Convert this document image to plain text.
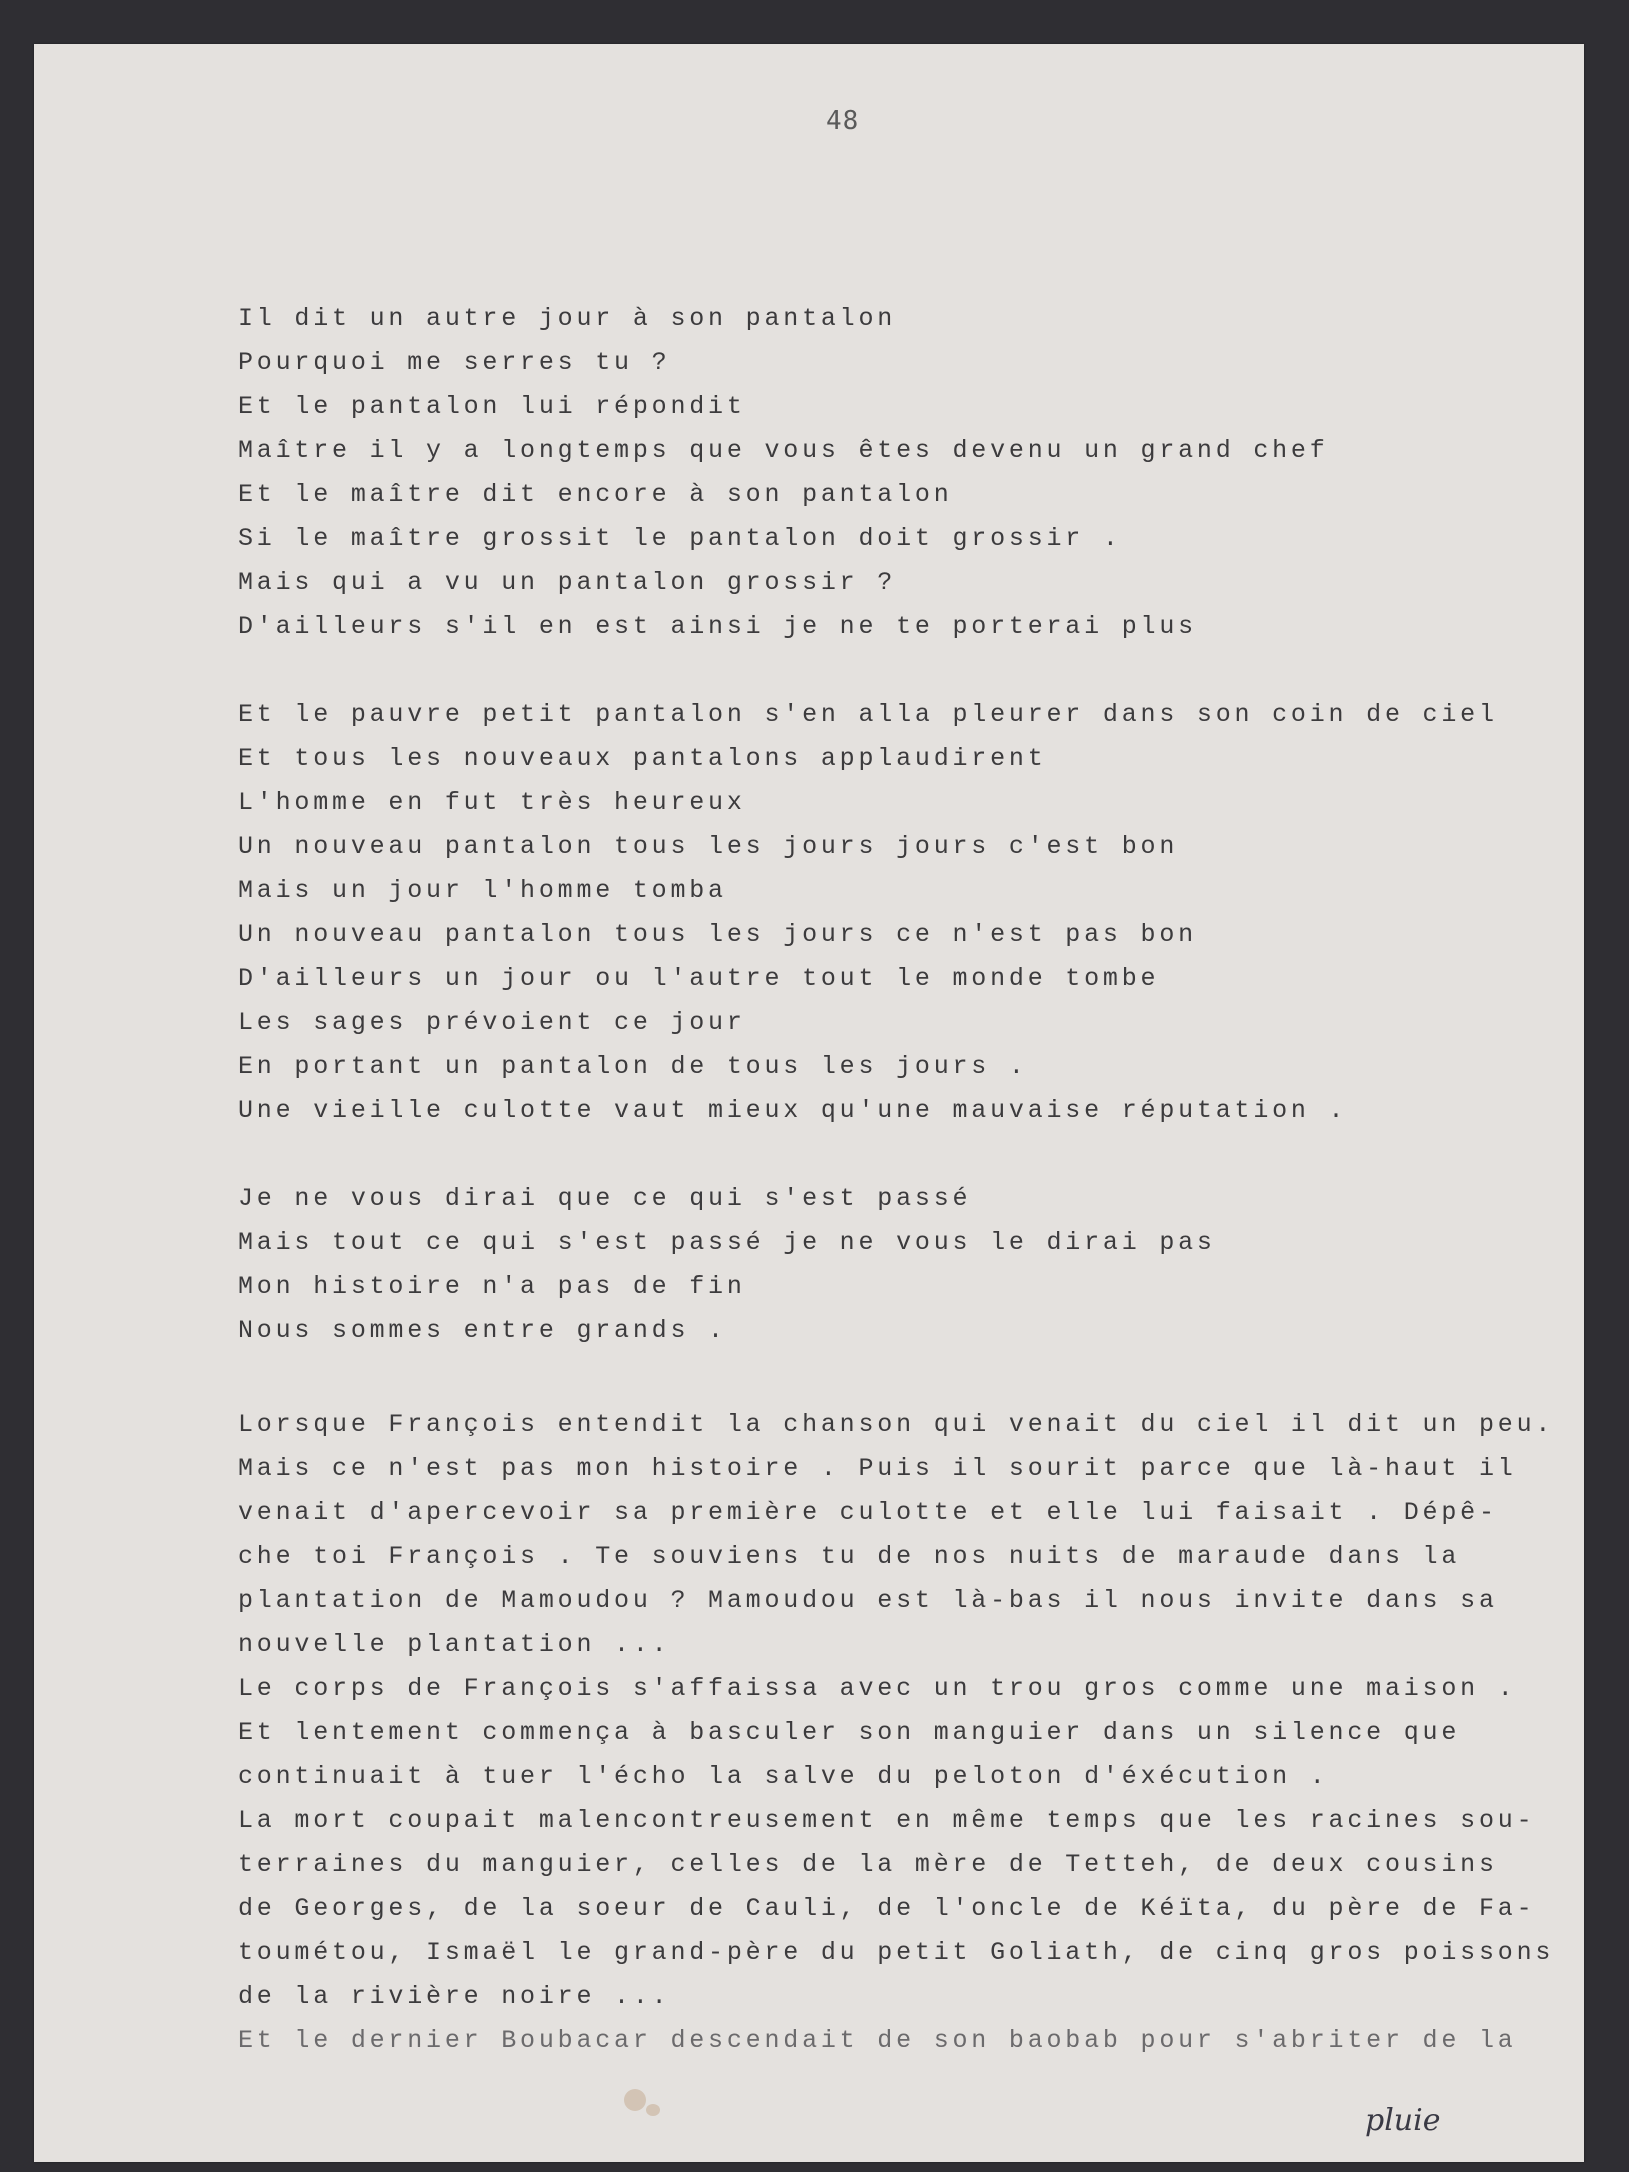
48
Il dit un autre jour à son pantalon
Pourquoi me serres tu ?
Et le pantalon lui répondit
Maître il y a longtemps que vous êtes devenu un grand chef
Et le maître dit encore à son pantalon
Si le maître grossit le pantalon doit grossir .
Mais qui a vu un pantalon grossir ?
D'ailleurs s'il en est ainsi je ne te porterai plus
Et le pauvre petit pantalon s'en alla pleurer dans son coin de ciel
Et tous les nouveaux pantalons applaudirent
L'homme en fut très heureux
Un nouveau pantalon tous les jours jours c'est bon
Mais un jour l'homme tomba
Un nouveau pantalon tous les jours ce n'est pas bon
D'ailleurs un jour ou l'autre tout le monde tombe
Les sages prévoient ce jour
En portant un pantalon de tous les jours .
Une vieille culotte vaut mieux qu'une mauvaise réputation .
Je ne vous dirai que ce qui s'est passé
Mais tout ce qui s'est passé je ne vous le dirai pas
Mon histoire n'a pas de fin
Nous sommes entre grands .
Lorsque François entendit la chanson qui venait du ciel il dit un peu.
Mais ce n'est pas mon histoire . Puis il sourit parce que là-haut il
venait d'apercevoir sa première culotte et elle lui faisait . Dépê-
che toi François . Te souviens tu de nos nuits de maraude dans la
plantation de Mamoudou ? Mamoudou est là-bas il nous invite dans sa
nouvelle plantation ...
Le corps de François s'affaissa avec un trou gros comme une maison .
Et lentement commença à basculer son manguier dans un silence que
continuait à tuer l'écho la salve du peloton d'éxécution .
La mort coupait malencontreusement en même temps que les racines sou-
terraines du manguier, celles de la mère de Tetteh, de deux cousins
de Georges, de la soeur de Cauli, de l'oncle de Kéïta, du père de Fa-
toumétou, Ismaël le grand-père du petit Goliath, de cinq gros poissons
de la rivière noire ...
Et le dernier Boubacar descendait de son baobab pour s'abriter de la
pluie
